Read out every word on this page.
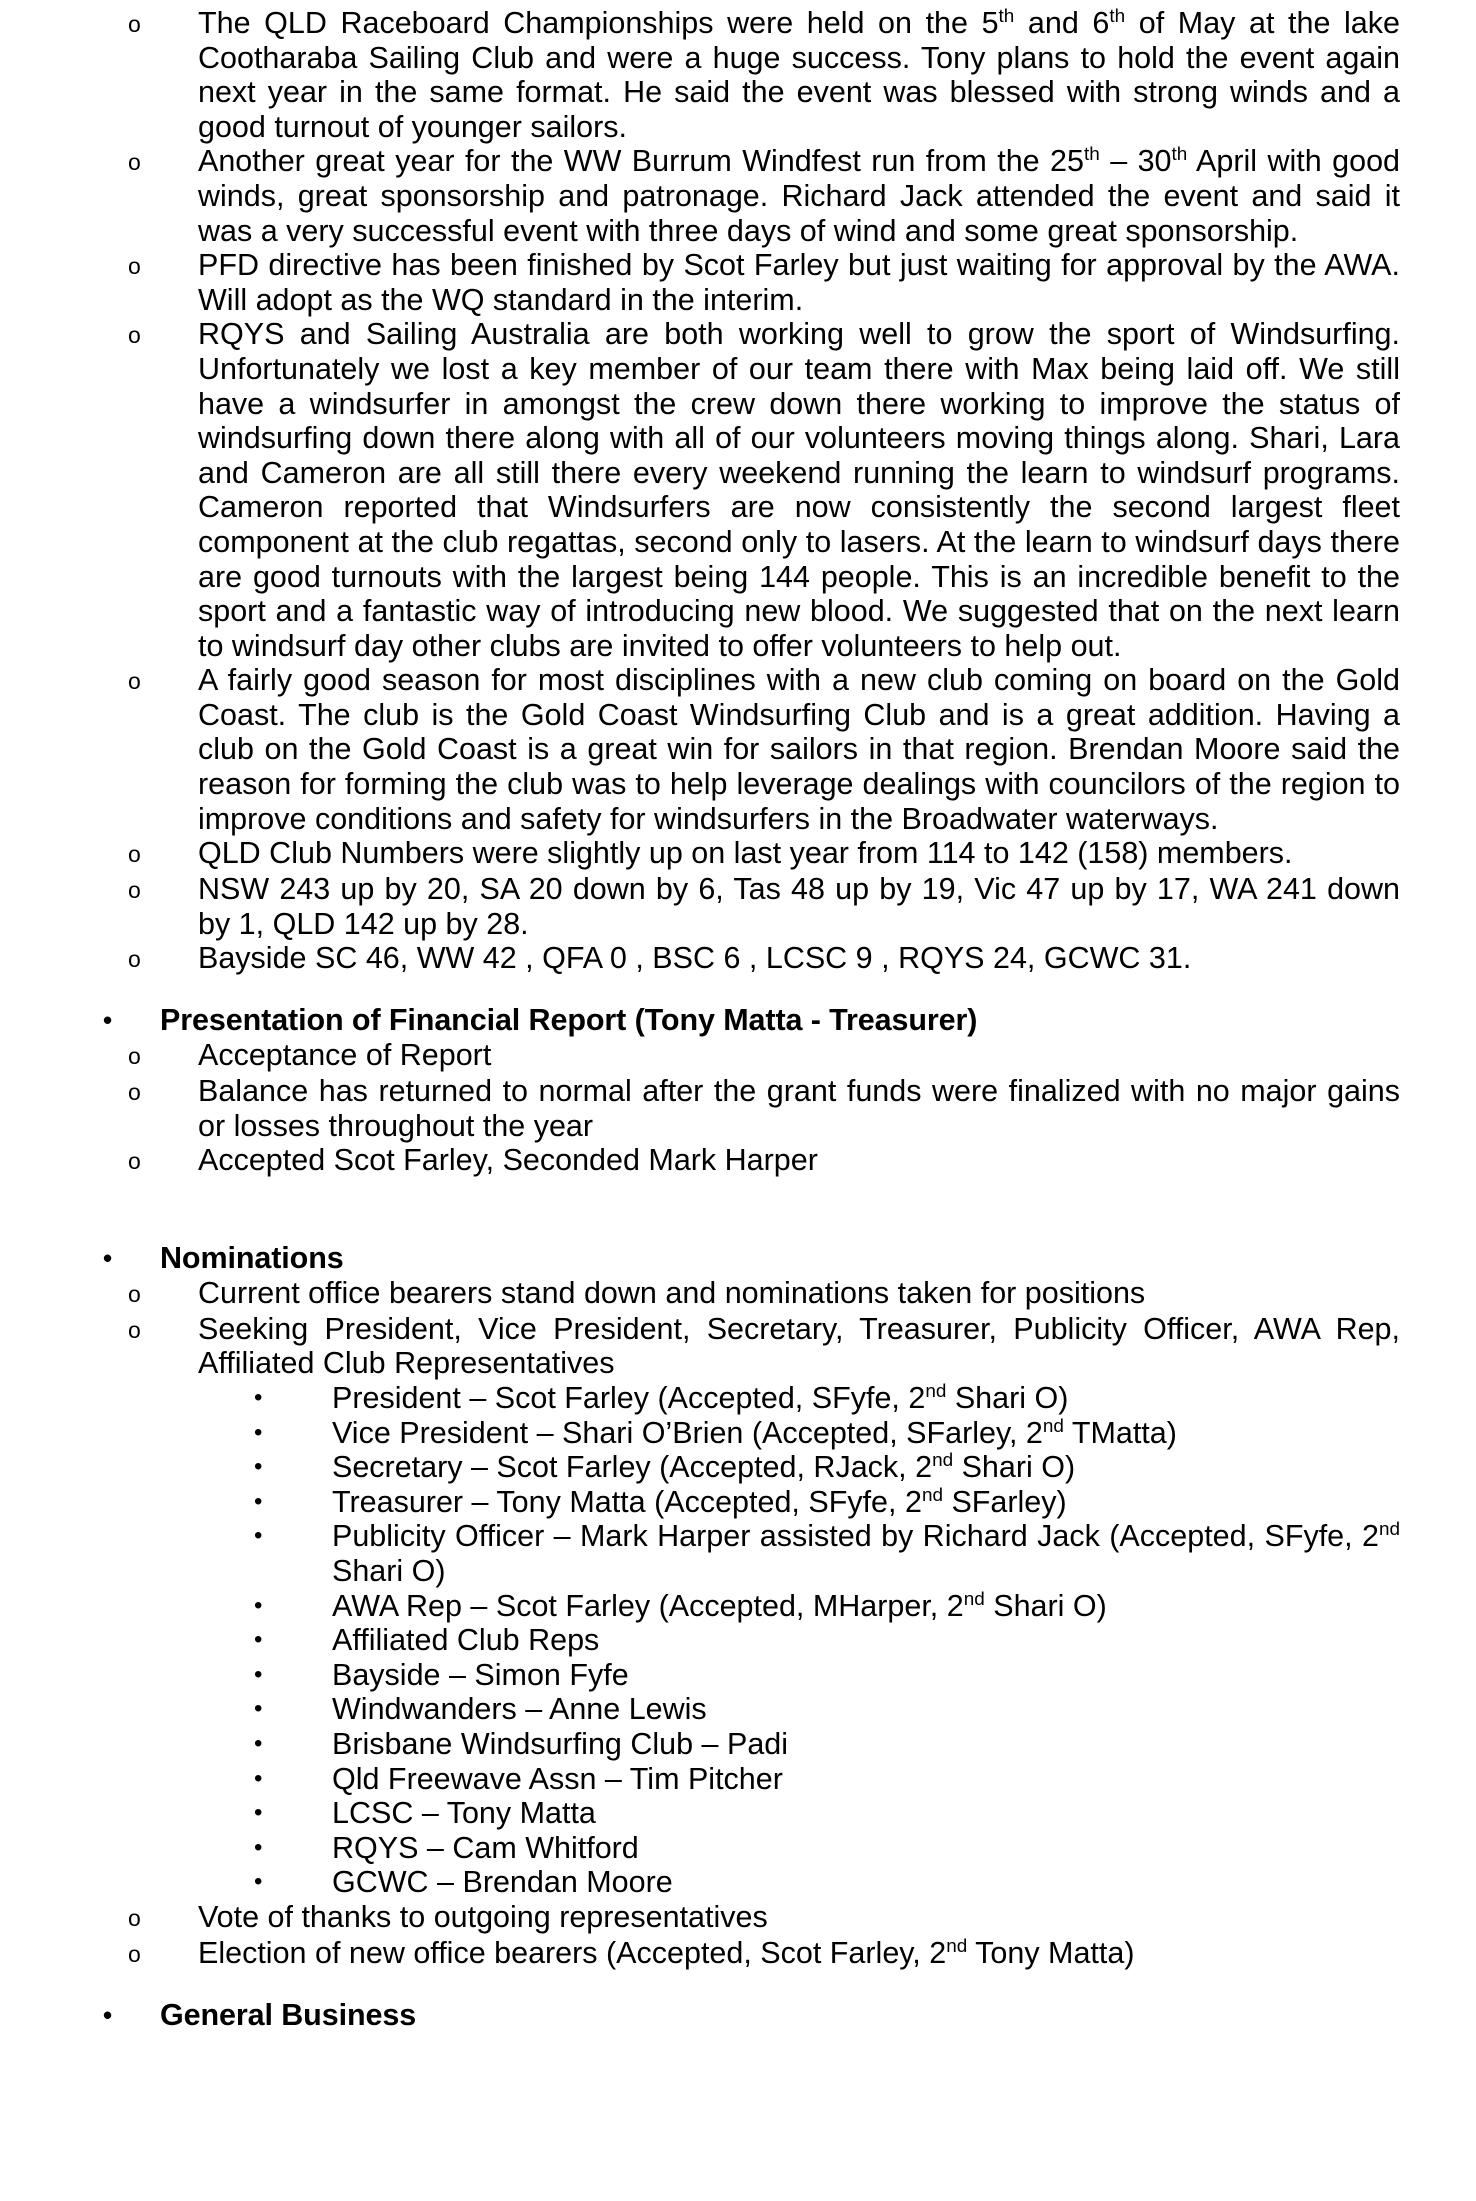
o	The QLD Raceboard Championships were held on the 5th and 6th of May at the lake Cootharaba Sailing Club and were a huge success. Tony plans to hold the event again next year in the same format. He said the event was blessed with strong winds and a good turnout of younger sailors.
o	Another great year for the WW Burrum Windfest run from the 25th – 30th April with good winds, great sponsorship and patronage. Richard Jack attended the event and said it was a very successful event with three days of wind and some great sponsorship.
o	PFD directive has been finished by Scot Farley but just waiting for approval by the AWA. Will adopt as the WQ standard in the interim.
o	RQYS and Sailing Australia are both working well to grow the sport of Windsurfing. Unfortunately we lost a key member of our team there with Max being laid off. We still have a windsurfer in amongst the crew down there working to improve the status of windsurfing down there along with all of our volunteers moving things along. Shari, Lara and Cameron are all still there every weekend running the learn to windsurf programs. Cameron reported that Windsurfers are now consistently the second largest fleet component at the club regattas, second only to lasers. At the learn to windsurf days there are good turnouts with the largest being 144 people. This is an incredible benefit to the sport and a fantastic way of introducing new blood. We suggested that on the next learn to windsurf day other clubs are invited to offer volunteers to help out.
o	A fairly good season for most disciplines with a new club coming on board on the Gold Coast. The club is the Gold Coast Windsurfing Club and is a great addition. Having a club on the Gold Coast is a great win for sailors in that region. Brendan Moore said the reason for forming the club was to help leverage dealings with councilors of the region to improve conditions and safety for windsurfers in the Broadwater waterways.
o	QLD Club Numbers were slightly up on last year from 114 to 142 (158) members.
o	NSW 243 up by 20, SA 20 down by 6, Tas 48 up by 19, Vic 47 up by 17, WA 241 down by 1, QLD 142 up by 28.
o	Bayside SC 46, WW 42 , QFA 0 , BSC 6 , LCSC 9 , RQYS 24, GCWC 31.
•	Presentation of Financial Report (Tony Matta - Treasurer)
o	Acceptance of Report
o	Balance has returned to normal after the grant funds were finalized with no major gains or losses throughout the year
o	Accepted Scot Farley, Seconded Mark Harper
•	Nominations
o	Current office bearers stand down and nominations taken for positions
o	Seeking President, Vice President, Secretary, Treasurer, Publicity Officer, AWA Rep, Affiliated Club Representatives
•	President – Scot Farley (Accepted, SFyfe, 2nd Shari O)
•	Vice President – Shari O’Brien (Accepted, SFarley, 2nd TMatta)
•	Secretary – Scot Farley (Accepted, RJack, 2nd Shari O)
•	Treasurer – Tony Matta (Accepted, SFyfe, 2nd SFarley)
•	Publicity Officer – Mark Harper assisted by Richard Jack (Accepted, SFyfe, 2nd Shari O)
•	AWA Rep – Scot Farley (Accepted, MHarper, 2nd Shari O)
•	Affiliated Club Reps
•	Bayside – Simon Fyfe
•	Windwanders – Anne Lewis
•	Brisbane Windsurfing Club – Padi
•	Qld Freewave Assn – Tim Pitcher
•	LCSC – Tony Matta
•	RQYS – Cam Whitford
•	GCWC – Brendan Moore
o	Vote of thanks to outgoing representatives
o	Election of new office bearers (Accepted, Scot Farley, 2nd Tony Matta)
•	General Business
